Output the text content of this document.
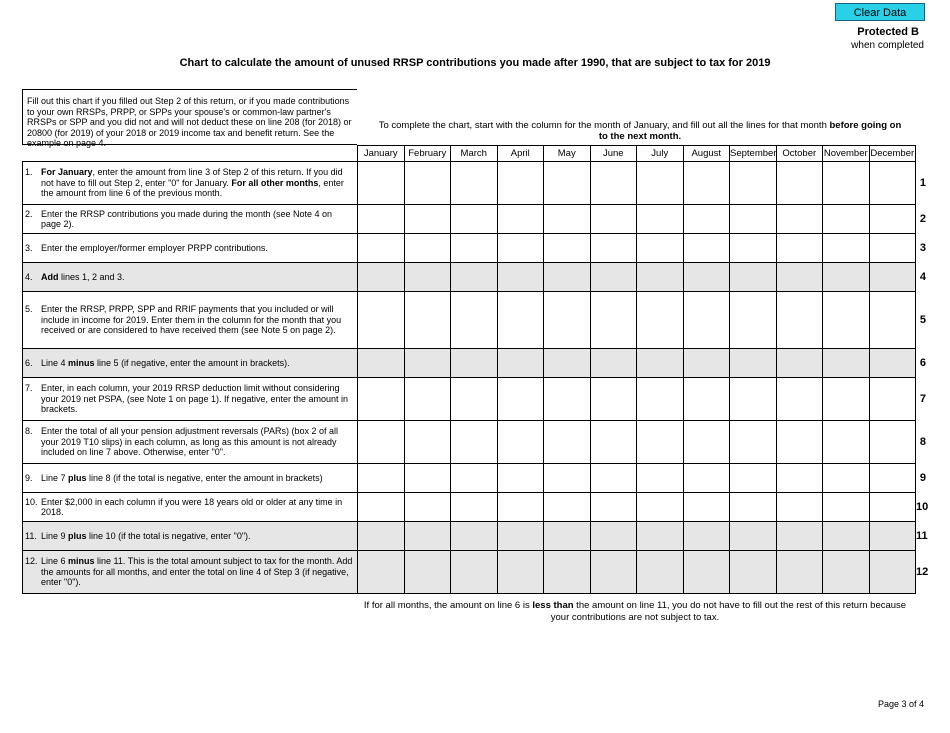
Clear Data
Protected B
when completed
Chart to calculate the amount of unused RRSP contributions you made after 1990, that are subject to tax for 2019
Fill out this chart if you filled out Step 2 of this return, or if you made contributions to your own RRSPs, PRPP, or SPPs your spouse's or common-law partner's RRSPs or SPP and you did not and will not deduct these on line 208 (for 2018) or 20800 (for 2019) of your 2018 or 2019 income tax and benefit return. See the example on page 4.
To complete the chart, start with the column for the month of January, and fill out all the lines for that month before going on to the next month.
	January	February	March	April	May	June	July	August	September	October	November	December	

1. For January, enter the amount from line 3 of Step 2 of this return. If you did not have to fill out Step 2, enter "0" for January. For all other months, enter the amount from line 6 of the previous month.													1

2. Enter the RRSP contributions you made during the month (see Note 4 on page 2).													2

3. Enter the employer/former employer PRPP contributions.													3

4. Add lines 1, 2 and 3.													4

5. Enter the RRSP, PRPP, SPP and RRIF payments that you included or will include in income for 2019. Enter them in the column for the month that you received or are considered to have received them (see Note 5 on page 2).													5

6. Line 4 minus line 5 (if negative, enter the amount in brackets).													6

7. Enter, in each column, your 2019 RRSP deduction limit without considering your 2019 net PSPA, (see Note 1 on page 1). If negative, enter the amount in brackets.													7

8. Enter the total of all your pension adjustment reversals (PARs) (box 2 of all your 2019 T10 slips) in each column, as long as this amount is not already included on line 7 above. Otherwise, enter "0".													8

9. Line 7 plus line 8 (if the total is negative, enter the amount in brackets)													9

10. Enter $2,000 in each column if you were 18 years old or older at any time in 2018.													10

11. Line 9 plus line 10 (if the total is negative, enter "0").													11

12. Line 6 minus line 11. This is the total amount subject to tax for the month. Add the amounts for all months, and enter the total on line 4 of Step 3 (if negative, enter "0").													12
If for all months, the amount on line 6 is less than the amount on line 11, you do not have to fill out the rest of this return because your contributions are not subject to tax.
Page 3 of 4
